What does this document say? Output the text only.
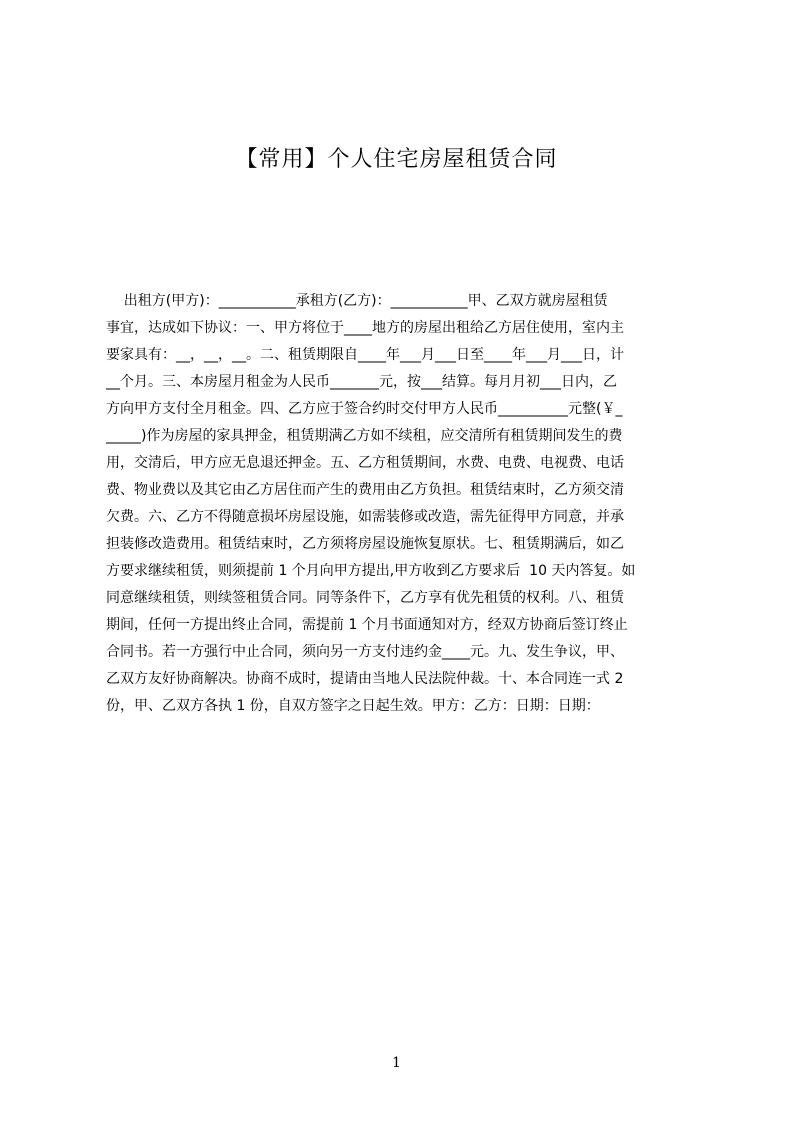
【常用】个人住宅房屋租赁合同
出租方(甲方)：___________承租方(乙方)：___________甲、乙双方就房屋租赁
事宜，达成如下协议：一、甲方将位于____地方的房屋出租给乙方居住使用，室内主
要家具有：__，__，__。二、租赁期限自____年___月___日至____年___月___日，计
__个月。三、本房屋月租金为人民币_______元，按___结算。每月月初___日内，乙
方向甲方支付全月租金。四、乙方应于签合约时交付甲方人民币__________元整(￥_
_____)作为房屋的家具押金，租赁期满乙方如不续租，应交清所有租赁期间发生的费
用，交清后，甲方应无息退还押金。五、乙方租赁期间，水费、电费、电视费、电话
费、物业费以及其它由乙方居住而产生的费用由乙方负担。租赁结束时，乙方须交清
欠费。六、乙方不得随意损坏房屋设施，如需装修或改造，需先征得甲方同意，并承
担装修改造费用。租赁结束时，乙方须将房屋设施恢复原状。七、租赁期满后，如乙
方要求继续租赁，则须提前 1 个月向甲方提出,甲方收到乙方要求后  10 天内答复。如
同意继续租赁，则续签租赁合同。同等条件下，乙方享有优先租赁的权利。八、租赁
期间，任何一方提出终止合同，需提前 1 个月书面通知对方，经双方协商后签订终止
合同书。若一方强行中止合同，须向另一方支付违约金____元。九、发生争议，甲、
乙双方友好协商解决。协商不成时，提请由当地人民法院仲裁。十、本合同连一式 2
份，甲、乙双方各执 1 份，自双方签字之日起生效。甲方：乙方：日期：日期：
1
